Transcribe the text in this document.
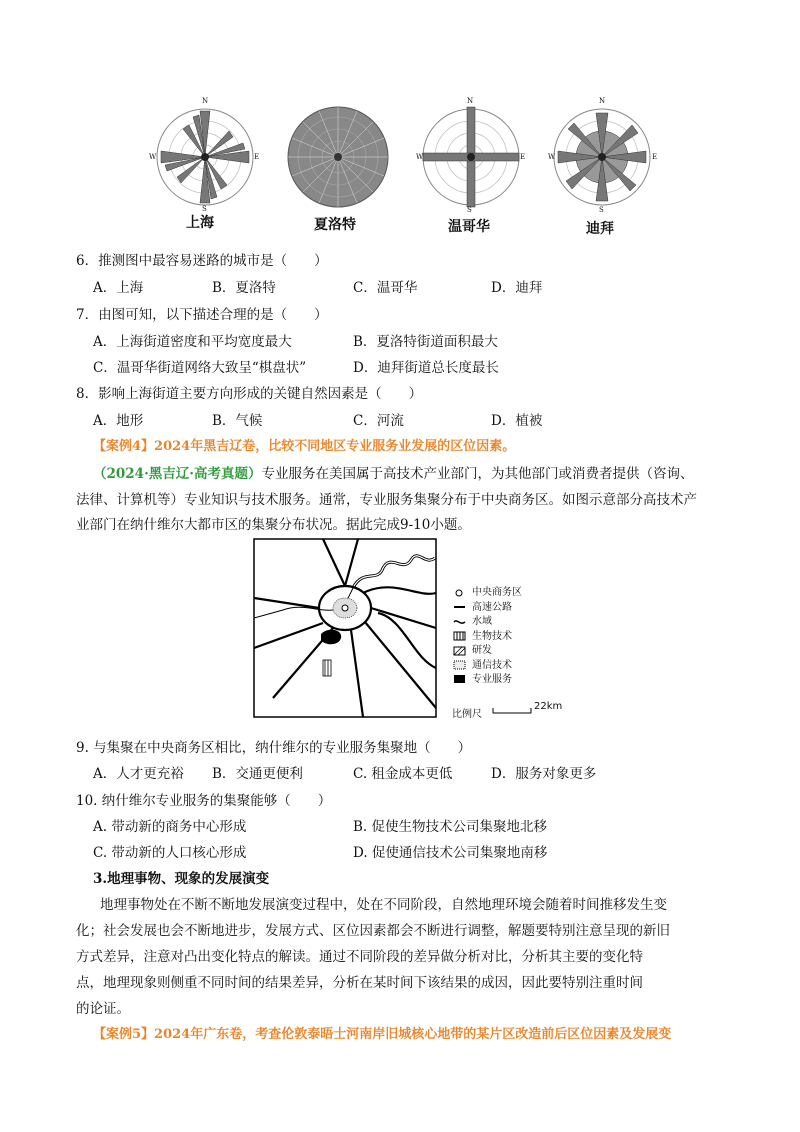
N
S
W	E
N
S
W	E
N
S
W	E
上海	夏洛特	温哥华	迪拜
6．推测图中最容易迷路的城市是（　　）
A．上海	B．夏洛特	C．温哥华	D．迪拜
7．由图可知，以下描述合理的是（　　）
A．上海街道密度和平均宽度最大	B．夏洛特街道面积最大
C．温哥华街道网络大致呈“棋盘状”	D．迪拜街道总长度最长
8．影响上海街道主要方向形成的关键自然因素是（　　）
A．地形	B．气候	C．河流	D．植被
【案例4】2024年黑吉辽卷，比较不同地区专业服务业发展的区位因素。
（2024·黑吉辽·高考真题）专业服务在美国属于高技术产业部门，为其他部门或消费者提供（咨询、
法律、计算机等）专业知识与技术服务。通常，专业服务集聚分布于中央商务区。如图示意部分高技术产
业部门在纳什维尔大都市区的集聚分布状况。据此完成9-10小题。
中央商务区
高速公路
水域
生物技术
研发
通信技术
专业服务
比例尺
22km
9. 与集聚在中央商务区相比，纳什维尔的专业服务集聚地（　　）
A．人才更充裕 B．交通更便利	C. 租金成本更低	D．服务对象更多
10. 纳什维尔专业服务的集聚能够（　　）
A. 带动新的商务中心形成	B. 促使生物技术公司集聚地北移
C. 带动新的人口核心形成	D. 促使通信技术公司集聚地南移
3.地理事物、现象的发展演变
地理事物处在不断不断地发展演变过程中，处在不同阶段，自然地理环境会随着时间推移发生变
化；社会发展也会不断地进步，发展方式、区位因素都会不断进行调整，解题要特别注意呈现的新旧
方式差异，注意对凸出变化特点的解读。通过不同阶段的差异做分析对比，分析其主要的变化特
点，地理现象则侧重不同时间的结果差异，分析在某时间下该结果的成因，因此要特别注重时间
的论证。
【案例5】2024年广东卷，考查伦敦泰晤士河南岸旧城核心地带的某片区改造前后区位因素及发展变
